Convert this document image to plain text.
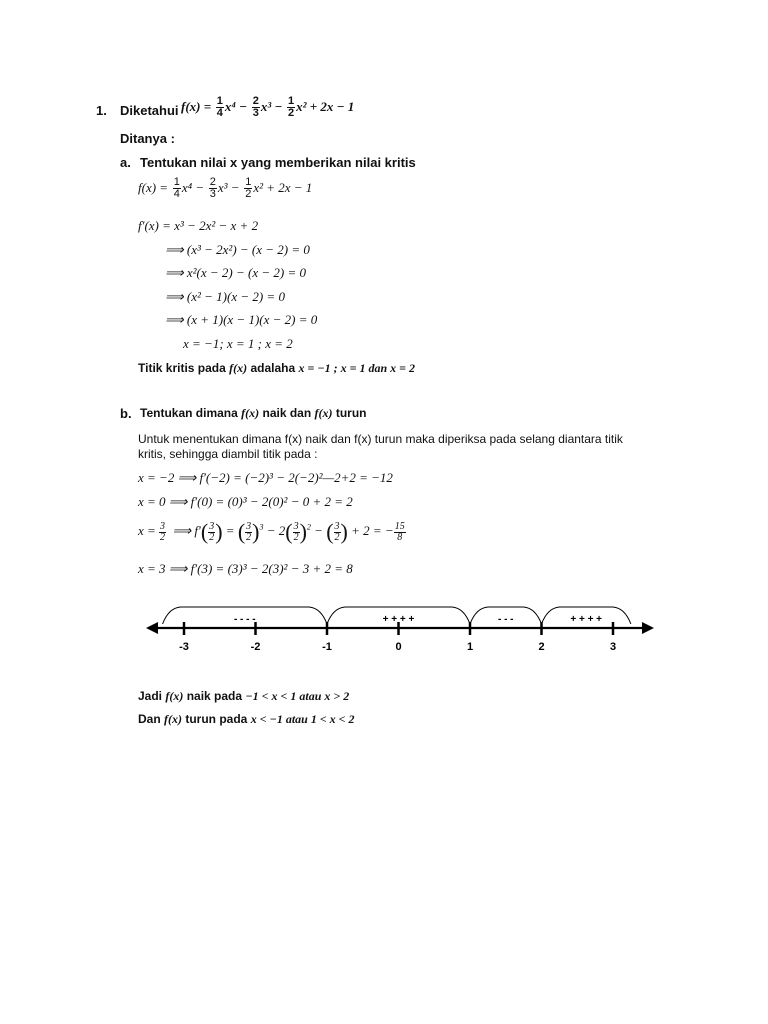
1. Diketahui $f(x) = \frac{1}{4} x^4 - \frac{2}{3} x^3 - \frac{1}{2} x^2 + 2x - 1$
Ditanya :
a. Tentukan nilai x yang memberikan nilai kritis
$f(x) = \frac{1}{4} x^4 - \frac{2}{3} x^3 - \frac{1}{2} x^2 + 2x - 1$
f′(x) = x³ − 2x² − x + 2
⟹ (x³ − 2x²) − (x − 2) = 0
⟹ x²(x − 2) − (x − 2) = 0
⟹ (x² − 1)(x − 2) = 0
⟹ (x + 1)(x − 1)(x − 2) = 0
x = −1; x = 1 ; x = 2
Titik kritis pada f(x) adalaha x = −1 ; x = 1 dan x = 2
b. Tentukan dimana f(x) naik dan f(x) turun
Untuk menentukan dimana f(x) naik dan f(x) turun maka diperiksa pada selang diantara titik
kritis, sehingga diambil titik pada :
x = −2 ⟹ f′(−2) = (−2)³ − 2(−2)²—2+2 = −12
x = 0 ⟹ f′(0) = (0)³ − 2(0)² − 0 + 2 = 2
$x = \frac{3}{2}$ ⟹ $f'( \frac{3}{2}$ ) = ( $\frac{3}{2} )^3 - 2( \frac{3}{2} )^2$ − ( $\frac{3}{2}$ ) + 2 = − $\frac{15}{8}$
x = 3 ⟹ f′(3) = (3)³ − 2(3)² − 3 + 2 = 8
- - - -	+ + + +	- - -	+ + + +
-3	-2	-1	0	1	2	3
Jadi f(x) naik pada −1 < x < 1 atau x > 2
Dan f(x) turun pada x < −1 atau 1 < x < 2
